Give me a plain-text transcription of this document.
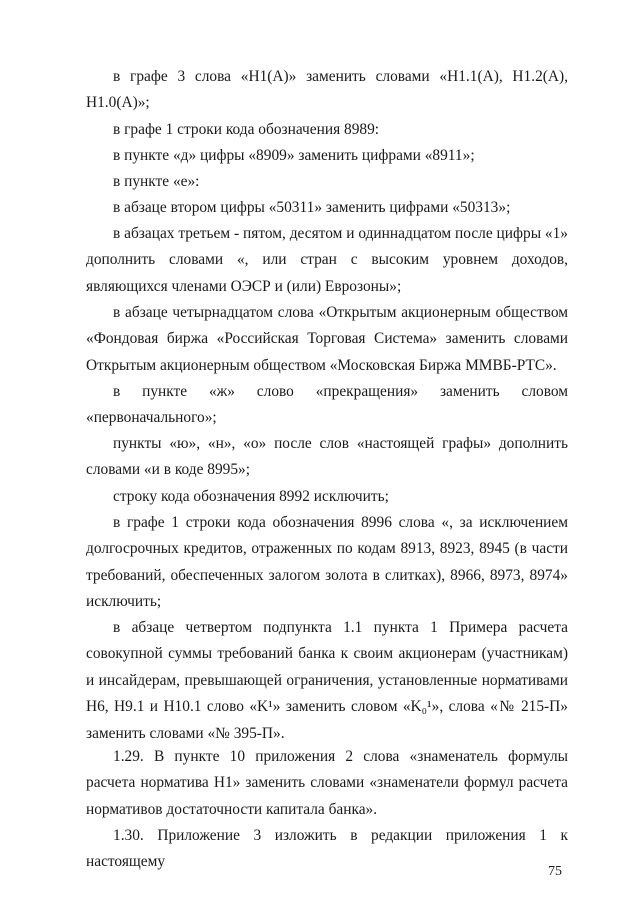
в графе 3 слова «Н1(А)» заменить словами «Н1.1(А), Н1.2(А), Н1.0(А)»;

в графе 1 строки кода обозначения 8989:

в пункте «д» цифры «8909» заменить цифрами «8911»;

в пункте «е»:

в абзаце втором цифры «50311» заменить цифрами «50313»;

в абзацах третьем - пятом, десятом и одиннадцатом после цифры «1» дополнить словами «, или стран с высоким уровнем доходов, являющихся членами ОЭСР и (или) Еврозоны»;

в абзаце четырнадцатом слова «Открытым акционерным обществом «Фондовая биржа «Российская Торговая Система» заменить словами Открытым акционерным обществом «Московская Биржа ММВБ-РТС».

в пункте «ж» слово «прекращения» заменить словом «первоначального»;

пункты «ю», «н», «о» после слов «настоящей графы» дополнить словами «и в коде 8995»;

строку кода обозначения 8992 исключить;

в графе 1 строки кода обозначения 8996 слова «, за исключением долгосрочных кредитов, отраженных по кодам 8913, 8923, 8945 (в части требований, обеспеченных залогом золота в слитках), 8966, 8973, 8974» исключить;

в абзаце четвертом подпункта 1.1 пункта 1 Примера расчета совокупной суммы требований банка к своим акционерам (участникам) и инсайдерам, превышающей ограничения, установленные нормативами Н6, Н9.1 и Н10.1 слово «K¹» заменить словом «K₀¹», слова «№ 215-П» заменить словами «№ 395-П».

1.29. В пункте 10 приложения 2 слова «знаменатель формулы расчета норматива Н1» заменить словами «знаменатели формул расчета нормативов достаточности капитала банка».

1.30. Приложение 3 изложить в редакции приложения 1 к настоящему

75
